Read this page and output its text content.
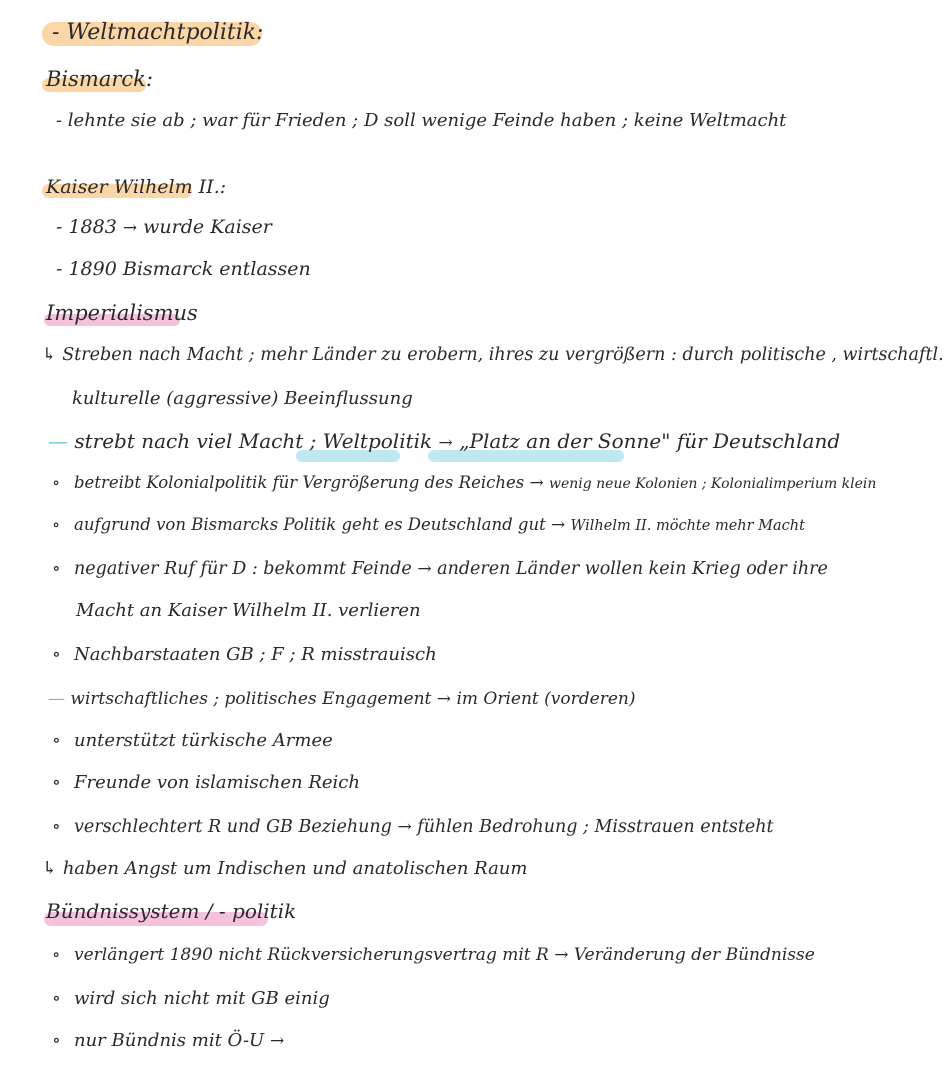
- Weltmachtpolitik:
Bismarck:
- lehnte sie ab ; war für Frieden ; D soll wenige Feinde haben ; keine Weltmacht
Kaiser Wilhelm II.:
- 1883 → wurde Kaiser
- 1890 Bismarck entlassen
Imperialismus
↳ Streben nach Macht ; mehr Länder zu erobern, ihres zu vergrößern : durch politische , wirtschaftl.
kulturelle (aggressive) Beeinflussung
— strebt nach viel Macht ; Weltpolitik → „Platz an der Sonne" für Deutschland
∘ betreibt Kolonialpolitik für Vergrößerung des Reiches → wenig neue Kolonien ; Kolonialimperium klein
∘ aufgrund von Bismarcks Politik geht es Deutschland gut → Wilhelm II. möchte mehr Macht
∘ negativer Ruf für D : bekommt Feinde → anderen Länder wollen kein Krieg oder ihre
Macht an Kaiser Wilhelm II. verlieren
∘ Nachbarstaaten GB ; F ; R misstrauisch
— wirtschaftliches ; politisches Engagement → im Orient (vorderen)
∘ unterstützt türkische Armee
∘ Freunde von islamischen Reich
∘ verschlechtert R und GB Beziehung → fühlen Bedrohung ; Misstrauen entsteht
↳ haben Angst um Indischen und anatolischen Raum
Bündnissystem / - politik
∘ verlängert 1890 nicht Rückversicherungsvertrag mit R → Veränderung der Bündnisse
∘ wird sich nicht mit GB einig
∘ nur Bündnis mit Ö-U →
